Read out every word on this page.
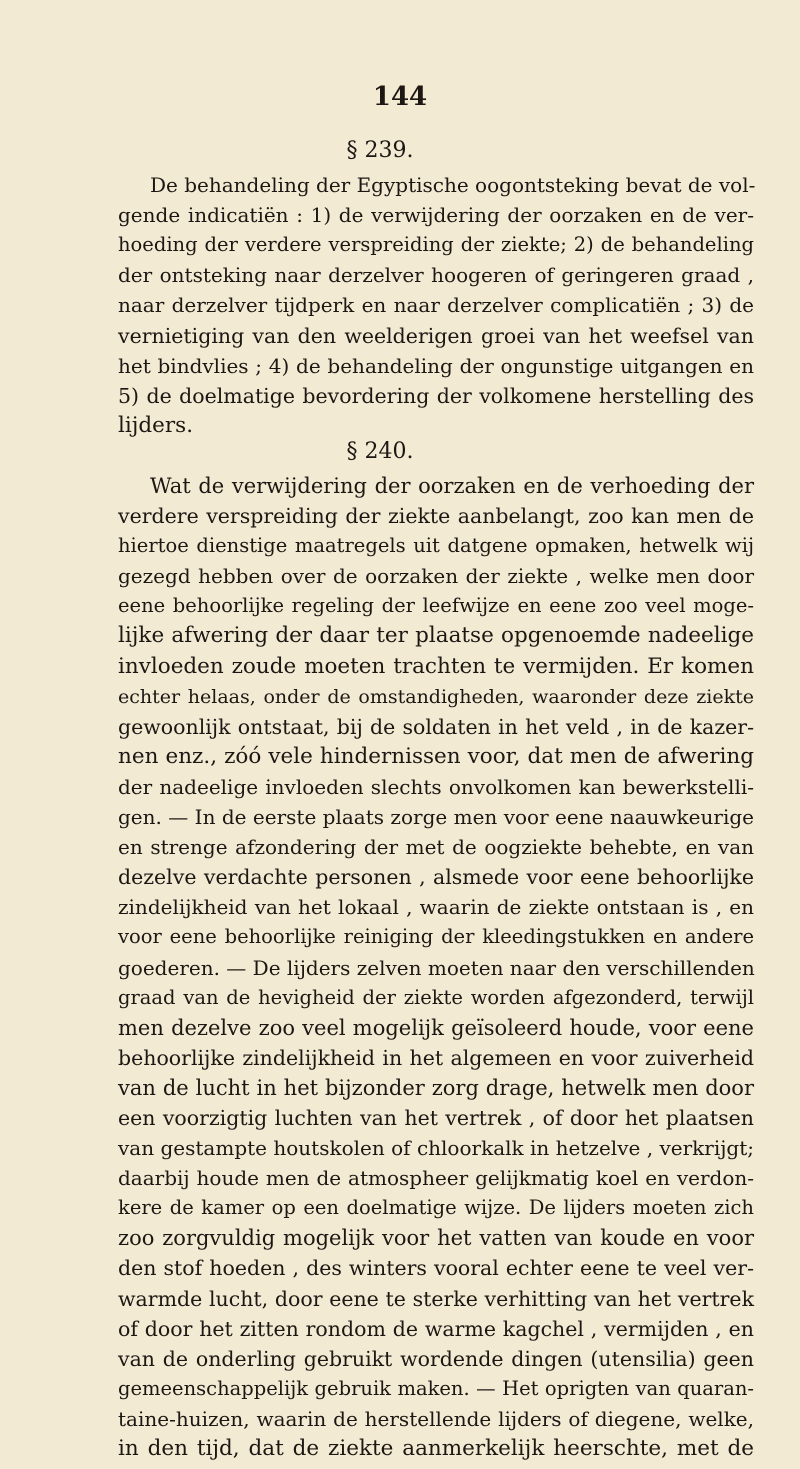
144
§ 239.
De behandeling der Egyptische oogontsteking bevat de vol-
gende indicatiën : 1) de verwijdering der oorzaken en de ver-
hoeding der verdere verspreiding der ziekte; 2) de behandeling
der ontsteking naar derzelver hoogeren of geringeren graad ,
naar derzelver tijdperk en naar derzelver complicatiën ; 3) de
vernietiging van den weelderigen groei van het weefsel van
het bindvlies ; 4) de behandeling der ongunstige uitgangen en
5) de doelmatige bevordering der volkomene herstelling des
lijders.
§ 240.
Wat de verwijdering der oorzaken en de verhoeding der
verdere verspreiding der ziekte aanbelangt, zoo kan men de
hiertoe dienstige maatregels uit datgene opmaken, hetwelk wij
gezegd hebben over de oorzaken der ziekte , welke men door
eene behoorlijke regeling der leefwijze en eene zoo veel moge-
lijke afwering der daar ter plaatse opgenoemde nadeelige
invloeden zoude moeten trachten te vermijden. Er komen
echter helaas, onder de omstandigheden, waaronder deze ziekte
gewoonlijk ontstaat, bij de soldaten in het veld , in de kazer-
nen enz., zóó vele hindernissen voor, dat men de afwering
der nadeelige invloeden slechts onvolkomen kan bewerkstelli-
gen. — In de eerste plaats zorge men voor eene naauwkeurige
en strenge afzondering der met de oogziekte behebte, en van
dezelve verdachte personen , alsmede voor eene behoorlijke
zindelijkheid van het lokaal , waarin de ziekte ontstaan is , en
voor eene behoorlijke reiniging der kleedingstukken en andere
goederen. — De lijders zelven moeten naar den verschillenden
graad van de hevigheid der ziekte worden afgezonderd, terwijl
men dezelve zoo veel mogelijk geïsoleerd houde, voor eene
behoorlijke zindelijkheid in het algemeen en voor zuiverheid
van de lucht in het bijzonder zorg drage, hetwelk men door
een voorzigtig luchten van het vertrek , of door het plaatsen
van gestampte houtskolen of chloorkalk in hetzelve , verkrijgt;
daarbij houde men de atmospheer gelijkmatig koel en verdon-
kere de kamer op een doelmatige wijze. De lijders moeten zich
zoo zorgvuldig mogelijk voor het vatten van koude en voor
den stof hoeden , des winters vooral echter eene te veel ver-
warmde lucht, door eene te sterke verhitting van het vertrek
of door het zitten rondom de warme kagchel , vermijden , en
van de onderling gebruikt wordende dingen (utensilia) geen
gemeenschappelijk gebruik maken. — Het oprigten van quaran-
taine-huizen, waarin de herstellende lijders of diegene, welke,
in den tijd, dat de ziekte aanmerkelijk heerschte, met de
